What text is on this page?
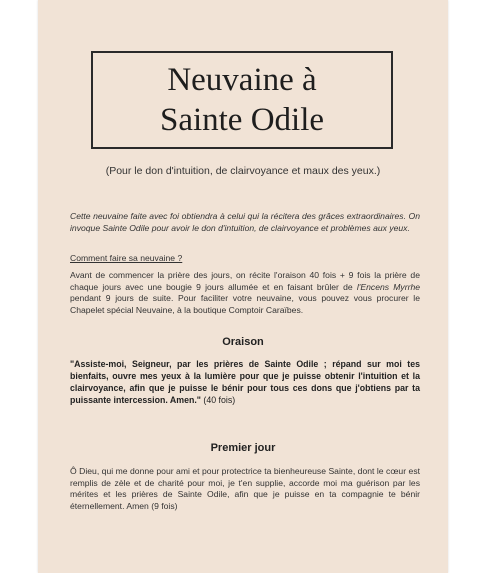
Neuvaine à
Sainte Odile
(Pour le don d'intuition, de clairvoyance et maux des yeux.)
Cette neuvaine faite avec foi obtiendra à celui qui la récitera des grâces extraordinaires. On invoque Sainte Odile pour avoir le don d'intuition, de clairvoyance et problèmes aux yeux.
Comment faire sa neuvaine ?
Avant de commencer la prière des jours, on récite l'oraison 40 fois + 9 fois la prière de chaque jours avec une bougie 9 jours allumée et en faisant brûler de l'Encens Myrrhe pendant 9 jours de suite. Pour faciliter votre neuvaine, vous pouvez vous procurer le Chapelet spécial Neuvaine, à la boutique Comptoir Caraïbes.
Oraison
"Assiste-moi, Seigneur, par les prières de Sainte Odile ; répand sur moi tes bienfaits, ouvre mes yeux à la lumière pour que je puisse obtenir l'intuition et la clairvoyance, afin que je puisse le bénir pour tous ces dons que j'obtiens par ta puissante intercession. Amen." (40 fois)
Premier jour
Ô Dieu, qui me donne pour ami et pour protectrice ta bienheureuse Sainte, dont le cœur est remplis de zèle et de charité pour moi, je t'en supplie, accorde moi ma guérison par les mérites et les prières de Sainte Odile, afin que je puisse en ta compagnie te bénir éternellement. Amen (9 fois)
